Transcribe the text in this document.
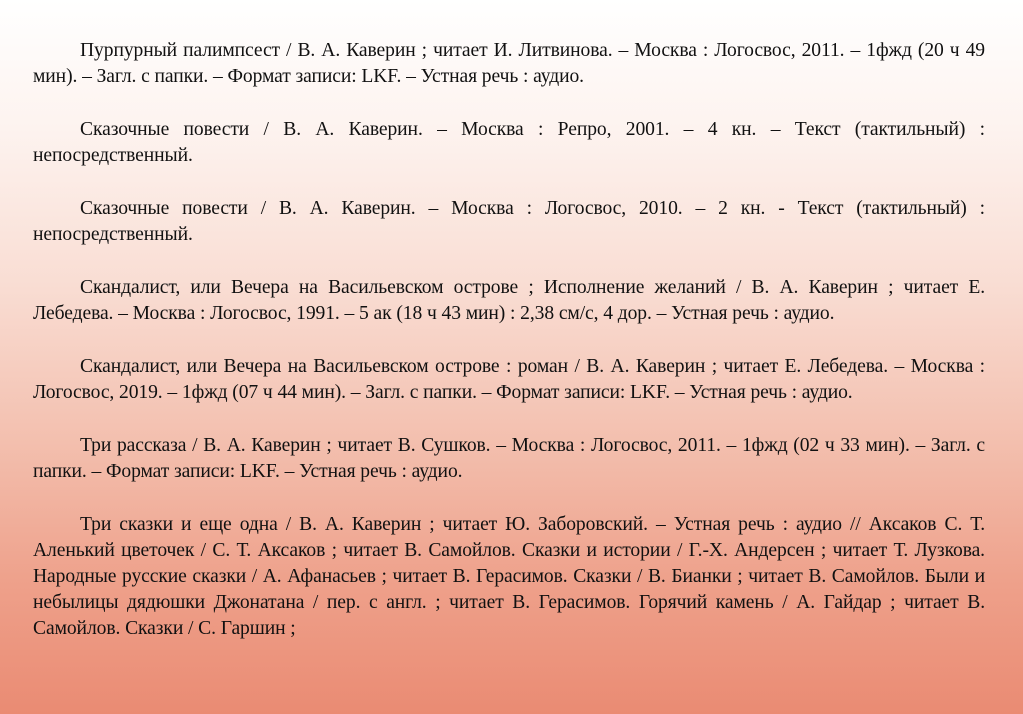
Пурпурный палимпсест / В. А. Каверин ; читает И. Литвинова. – Москва : Логосвос, 2011. – 1фжд (20 ч 49 мин). – Загл. с папки. – Формат записи: LKF. – Устная речь : аудио.

Сказочные повести / В. А. Каверин. – Москва : Репро, 2001. – 4 кн. – Текст (тактильный) : непосредственный.

Сказочные повести / В. А. Каверин. – Москва : Логосвос, 2010. – 2 кн. - Текст (тактильный) : непосредственный.

Скандалист, или Вечера на Васильевском острове ; Исполнение желаний / В. А. Каверин ; читает Е. Лебедева. – Москва : Логосвос, 1991. – 5 ак (18 ч 43 мин) : 2,38 см/с, 4 дор. – Устная речь : аудио.

Скандалист, или Вечера на Васильевском острове : роман / В. А. Каверин ; читает Е. Лебедева. – Москва : Логосвос, 2019. – 1фжд (07 ч 44 мин). – Загл. с папки. – Формат записи: LKF. – Устная речь : аудио.

Три рассказа / В. А. Каверин ; читает В. Сушков. – Москва : Логосвос, 2011. – 1фжд (02 ч 33 мин). – Загл. с папки. – Формат записи: LKF. – Устная речь : аудио.

Три сказки и еще одна / В. А. Каверин ; читает Ю. Заборовский. – Устная речь : аудио // Аксаков С. Т. Аленький цветочек / С. Т. Аксаков ; читает В. Самойлов. Сказки и истории / Г.-Х. Андерсен ; читает Т. Лузкова. Народные русские сказки / А. Афанасьев ; читает В. Герасимов. Сказки / В. Бианки ; читает В. Самойлов. Были и небылицы дядюшки Джонатана / пер. с англ. ; читает В. Герасимов. Горячий камень / А. Гайдар ; читает В. Самойлов. Сказки / С. Гаршин ;
